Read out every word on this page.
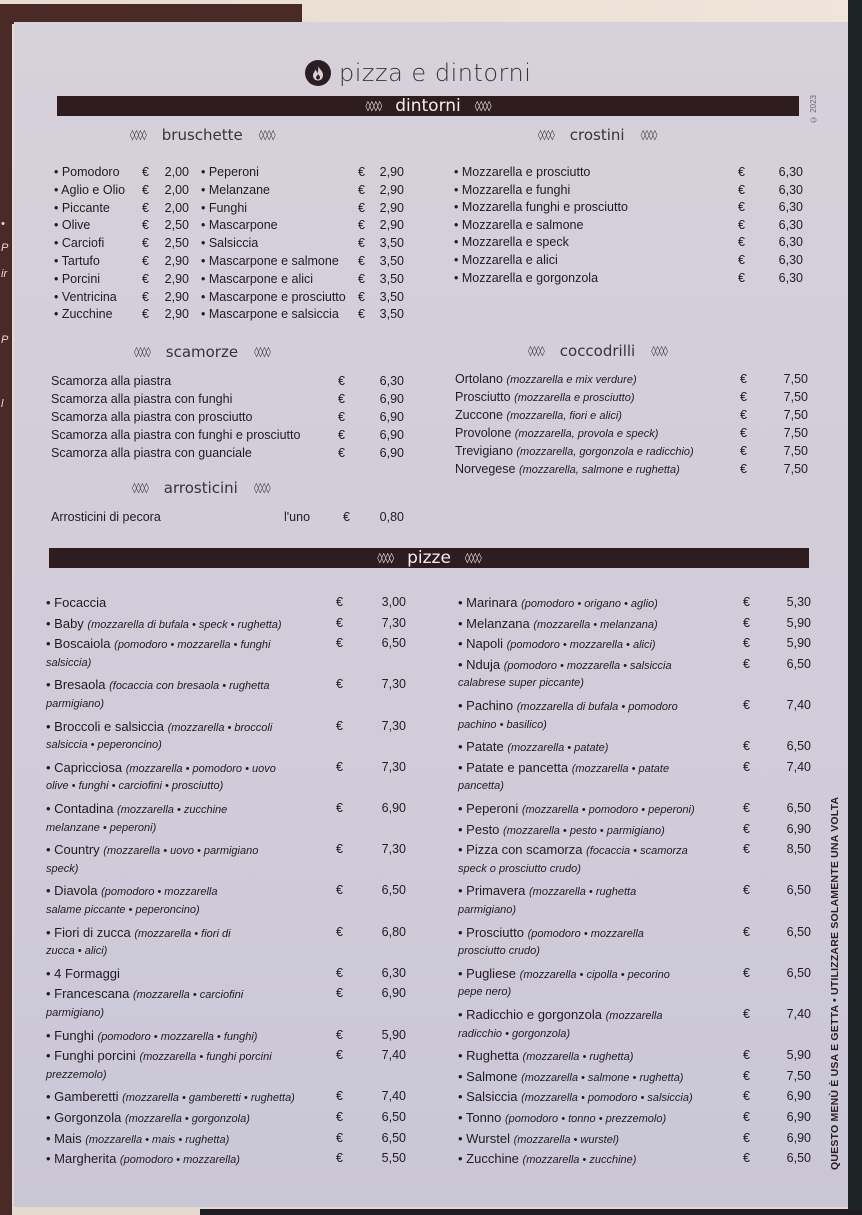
•
P
ir
P
l
pizza e dintorni
© 2023
◊◊◊◊ dintorni ◊◊◊◊
◊◊◊◊ bruschette ◊◊◊◊	◊◊◊◊ crostini ◊◊◊◊
◊◊◊◊ scamorze ◊◊◊◊	◊◊◊◊ coccodrilli ◊◊◊◊
◊◊◊◊ arrosticini ◊◊◊◊
◊◊◊◊ pizze ◊◊◊◊
• Pomodoro €	2,00
• Aglio e Olio €	2,00
• Piccante	€	2,00
• Olive	€	2,50
• Carciofi	€	2,50
• Tartufo	€	2,90
• Porcini	€	2,90
• Ventricina €	2,90
• Zucchine €	2,90
• Peperoni	€	2,90
• Melanzane	€	2,90
• Funghi	€	2,90
• Mascarpone	€	2,90
• Salsiccia	€	3,50
• Mascarpone e salmone €	3,50
• Mascarpone e alici	€	3,50
• Mascarpone e prosciutto €	3,50
• Mascarpone e salsiccia €	3,50
• Mozzarella e prosciutto	€	6,30
• Mozzarella e funghi	€	6,30
• Mozzarella funghi e prosciutto	€	6,30
• Mozzarella e salmone	€	6,30
• Mozzarella e speck	€	6,30
• Mozzarella e alici	€	6,30
• Mozzarella e gorgonzola	€	6,30
Scamorza alla piastra	€	6,30
Scamorza alla piastra con funghi	€	6,90
Scamorza alla piastra con prosciutto	€	6,90
Scamorza alla piastra con funghi e prosciutto	€	6,90
Scamorza alla piastra con guanciale	€	6,90
Ortolano (mozzarella e mix verdure)	€	7,50
Prosciutto (mozzarella e prosciutto)	€	7,50
Zuccone (mozzarella, fiori e alici)	€	7,50
Provolone (mozzarella, provola e speck)	€	7,50
Trevigiano (mozzarella, gorgonzola e radicchio)	€	7,50
Norvegese (mozzarella, salmone e rughetta)	€	7,50
Arrosticini di pecora	l'uno	€	0,80
• Focaccia	€	3,00
• Baby (mozzarella di bufala • speck • rughetta)	€	7,30
• Boscaiola (pomodoro • mozzarella • funghi	€	6,50
salsiccia)
• Bresaola (focaccia con bresaola • rughetta	€	7,30
parmigiano)
• Broccoli e salsiccia (mozzarella • broccoli	€	7,30
salsiccia • peperoncino)
• Capricciosa (mozzarella • pomodoro • uovo	€	7,30
olive • funghi • carciofini • prosciutto)
• Contadina (mozzarella • zucchine	€	6,90
melanzane • peperoni)
• Country (mozzarella • uovo • parmigiano	€	7,30
speck)
• Diavola (pomodoro • mozzarella	€	6,50
salame piccante • peperoncino)
• Fiori di zucca (mozzarella • fiori di	€	6,80
zucca • alici)
• 4 Formaggi	€	6,30
• Francescana (mozzarella • carciofini	€	6,90
parmigiano)
• Funghi (pomodoro • mozzarella • funghi)	€	5,90
• Funghi porcini (mozzarella • funghi porcini	€	7,40
prezzemolo)
• Gamberetti (mozzarella • gamberetti • rughetta)	€	7,40
• Gorgonzola (mozzarella • gorgonzola)	€	6,50
• Mais (mozzarella • mais • rughetta)	€	6,50
• Margherita (pomodoro • mozzarella)	€	5,50
• Marinara (pomodoro • origano • aglio)	€	5,30
• Melanzana (mozzarella • melanzana)	€	5,90
• Napoli (pomodoro • mozzarella • alici)	€	5,90
• Nduja (pomodoro • mozzarella • salsiccia	€	6,50
calabrese super piccante)
• Pachino (mozzarella di bufala • pomodoro	€	7,40
pachino • basilico)
• Patate (mozzarella • patate)	€	6,50
• Patate e pancetta (mozzarella • patate	€	7,40
pancetta)
• Peperoni (mozzarella • pomodoro • peperoni)	€	6,50
• Pesto (mozzarella • pesto • parmigiano)	€	6,90
• Pizza con scamorza (focaccia • scamorza	€	8,50
speck o prosciutto crudo)
• Primavera (mozzarella • rughetta	€	6,50
parmigiano)
• Prosciutto (pomodoro • mozzarella	€	6,50
prosciutto crudo)
• Pugliese (mozzarella • cipolla • pecorino	€	6,50
pepe nero)
• Radicchio e gorgonzola (mozzarella	€	7,40
radicchio • gorgonzola)
• Rughetta (mozzarella • rughetta)	€	5,90
• Salmone (mozzarella • salmone • rughetta)	€	7,50
• Salsiccia (mozzarella • pomodoro • salsiccia)	€	6,90
• Tonno (pomodoro • tonno • prezzemolo)	€	6,90
• Wurstel (mozzarella • wurstel)	€	6,90
• Zucchine (mozzarella • zucchine)	€	6,50 QUESTO MENÙ È USA E GETTA • UTILIZZARE SOLAMENTE UNA VOLTA
